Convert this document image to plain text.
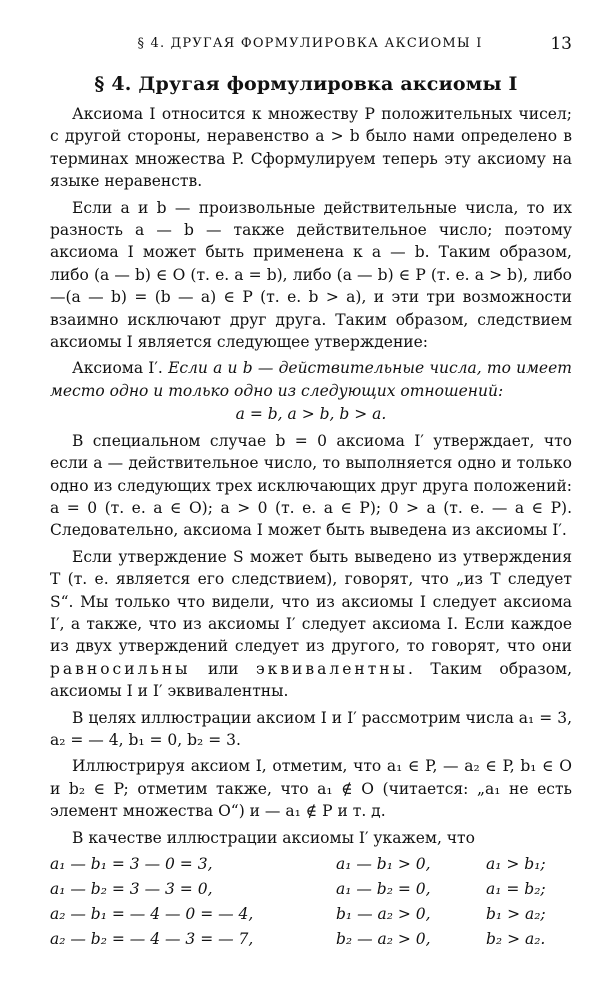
§ 4. ДРУГАЯ ФОРМУЛИРОВКА АКСИОМЫ I	13
§ 4. Другая формулировка аксиомы I

Аксиома I относится к множеству P положительных чисел; с другой стороны, неравенство a > b было нами определено в терминах множества P. Сформулируем теперь эту аксиому на языке неравенств.

Если a и b — произвольные действительные числа, то их разность a — b — также действительное число; поэтому аксиома I может быть применена к a — b. Таким образом, либо (a — b) ∈ O (т. е. a = b), либо (a — b) ∈ P (т. е. a > b), либо —(a — b) = (b — a) ∈ P (т. е. b > a), и эти три возможности взаимно исключают друг друга. Таким образом, следствием аксиомы I является следующее утверждение:

Аксиома I′. Если a и b — действительные числа, то имеет место одно и только одно из следующих отношений:

a = b, a > b, b > a.

В специальном случае b = 0 аксиома I′ утверждает, что если a — действительное число, то выполняется одно и только одно из следующих трех исключающих друг друга положений: a = 0 (т. е. a ∈ O); a > 0 (т. е. a ∈ P); 0 > a (т. е. — a ∈ P). Следовательно, аксиома I может быть выведена из аксиомы I′.

Если утверждение S может быть выведено из утверждения T (т. е. является его следствием), говорят, что „из T следует S“. Мы только что видели, что из аксиомы I следует аксиома I′, а также, что из аксиомы I′ следует аксиома I. Если каждое из двух утверждений следует из другого, то говорят, что они равносильны или эквивалентны. Таким образом, аксиомы I и I′ эквивалентны.

В целях иллюстрации аксиом I и I′ рассмотрим числа a₁ = 3, a₂ = — 4, b₁ = 0, b₂ = 3.

Иллюстрируя аксиом I, отметим, что a₁ ∈ P, — a₂ ∈ P, b₁ ∈ O и b₂ ∈ P; отметим также, что a₁ ∉ O (читается: „a₁ не есть элемент множества O“) и — a₁ ∉ P и т. д.

В качестве иллюстрации аксиомы I′ укажем, что

a₁ — b₁ = 3 — 0 = 3,	a₁ — b₁ > 0,	a₁ > b₁;
a₁ — b₂ = 3 — 3 = 0,	a₁ — b₂ = 0,	a₁ = b₂;
a₂ — b₁ = — 4 — 0 = — 4,	b₁ — a₂ > 0,	b₁ > a₂;
a₂ — b₂ = — 4 — 3 = — 7,	b₂ — a₂ > 0,	b₂ > a₂.
